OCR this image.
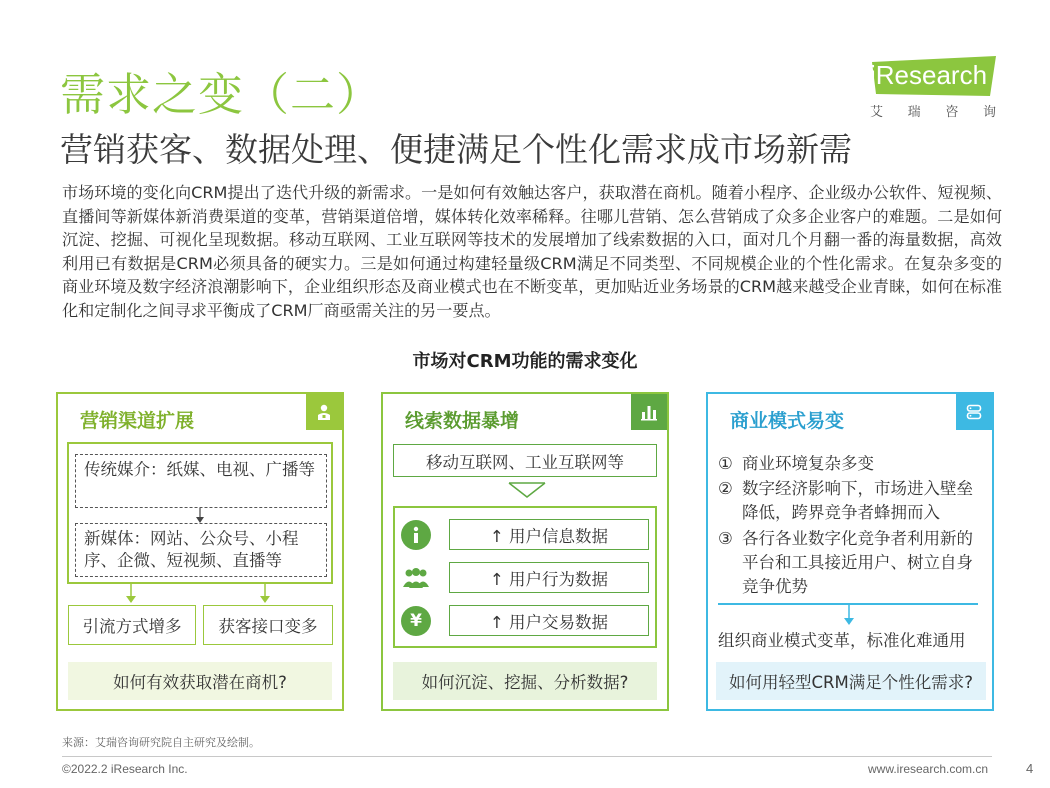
需求之变（二）
营销获客、数据处理、便捷满足个性化需求成市场新需
iResearch
艾 瑞 咨 询
市场环境的变化向CRM提出了迭代升级的新需求。一是如何有效触达客户，获取潜在商机。随着小程序、企业级办公软件、短视频、直播间等新媒体新消费渠道的变革，营销渠道倍增，媒体转化效率稀释。往哪儿营销、怎么营销成了众多企业客户的难题。二是如何沉淀、挖掘、可视化呈现数据。移动互联网、工业互联网等技术的发展增加了线索数据的入口，面对几个月翻一番的海量数据，高效利用已有数据是CRM必须具备的硬实力。三是如何通过构建轻量级CRM满足不同类型、不同规模企业的个性化需求。在复杂多变的商业环境及数字经济浪潮影响下，企业组织形态及商业模式也在不断变革，更加贴近业务场景的CRM越来越受企业青睐，如何在标准化和定制化之间寻求平衡成了CRM厂商亟需关注的另一要点。
市场对CRM功能的需求变化
营销渠道扩展
传统媒介：纸媒、电视、广播等
新媒体：网站、公众号、小程序、企微、短视频、直播等
引流方式增多	获客接口变多
如何有效获取潜在商机?
线索数据暴增
移动互联网、工业互联网等
↑ 用户信息数据
↑ 用户行为数据
¥	↑ 用户交易数据
如何沉淀、挖掘、分析数据?
商业模式易变
① 商业环境复杂多变
② 数字经济影响下，市场进入壁垒降低，跨界竞争者蜂拥而入
③ 各行各业数字化竞争者利用新的平台和工具接近用户、树立自身竞争优势
组织商业模式变革，标准化难通用
如何用轻型CRM满足个性化需求?
来源：艾瑞咨询研究院自主研究及绘制。
©2022.2 iResearch Inc.	www.iresearch.com.cn	4
